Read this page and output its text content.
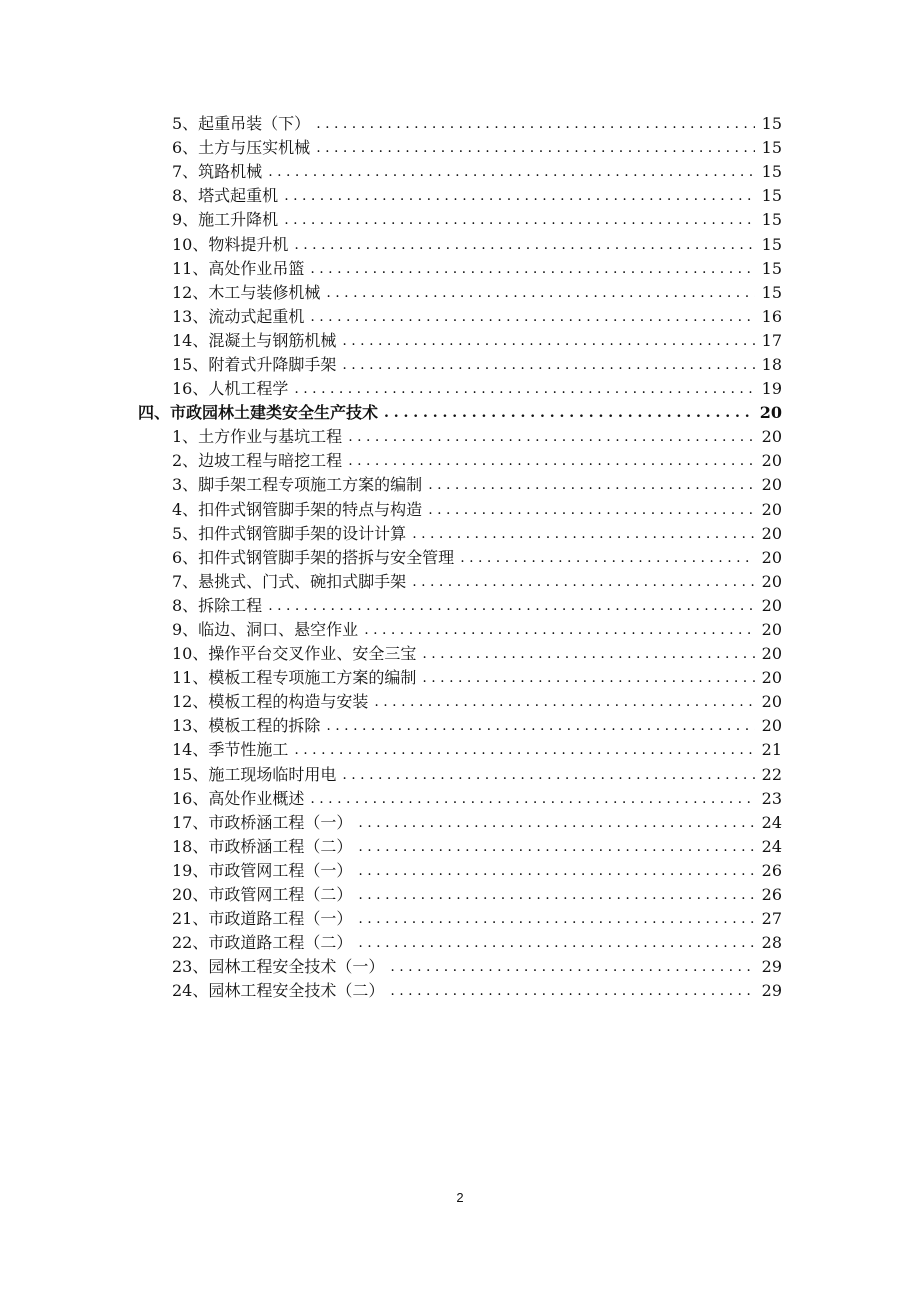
5、起重吊装（下） . . .	15
6、土方与压实机械 . . .	15
7、筑路机械 . . .	15
8、塔式起重机 . . .	15
9、施工升降机 . . .	15
10、物料提升机 . . .	15
11、高处作业吊篮 . . .	15
12、木工与装修机械 . . .	15
13、流动式起重机 . . .	16
14、混凝土与钢筋机械 . . .	17
15、附着式升降脚手架 . . .	18
16、人机工程学 . . .	19
四、市政园林土建类安全生产技术 . . .	20
1、土方作业与基坑工程 . . .	20
2、边坡工程与暗挖工程 . . .	20
3、脚手架工程专项施工方案的编制 . . .	20
4、扣件式钢管脚手架的特点与构造 . . .	20
5、扣件式钢管脚手架的设计计算 . . .	20
6、扣件式钢管脚手架的搭拆与安全管理 . . .	20
7、悬挑式、门式、碗扣式脚手架 . . .	20
8、拆除工程 . . .	20
9、临边、洞口、悬空作业 . . .	20
10、操作平台交叉作业、安全三宝 . . .	20
11、模板工程专项施工方案的编制 . . .	20
12、模板工程的构造与安装 . . .	20
13、模板工程的拆除 . . .	20
14、季节性施工 . . .	21
15、施工现场临时用电 . . .	22
16、高处作业概述 . . .	23
17、市政桥涵工程（一） . . .	24
18、市政桥涵工程（二） . . .	24
19、市政管网工程（一） . . .	26
20、市政管网工程（二） . . .	26
21、市政道路工程（一） . . .	27
22、市政道路工程（二） . . .	28
23、园林工程安全技术（一） . . .	29
24、园林工程安全技术（二） . . .	29
2
